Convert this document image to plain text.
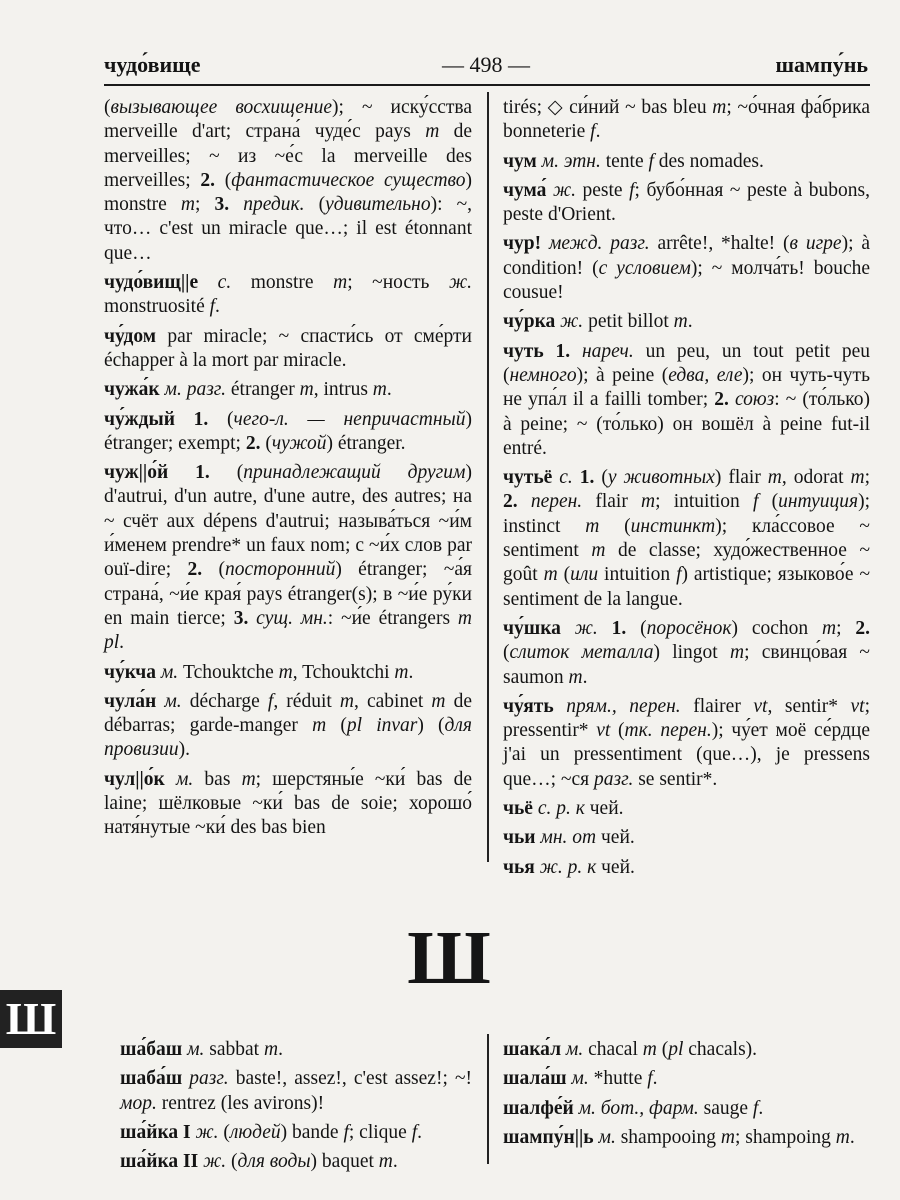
чудо́вище	— 498 —	шампу́нь

(вызывающее восхищение); ~ иску́сства merveille d'art; страна́ чуде́с pays m de merveilles; ~ из ~е́с la merveille des merveilles; 2. (фантастическое существо) monstre m; 3. предик. (удивительно): ~, что… c'est un miracle que…; il est étonnant que…

чудо́вищ||е с. monstre m; ~ность ж. monstruosité f.

чу́дом par miracle; ~ спасти́сь от сме́рти échapper à la mort par miracle.

чужа́к м. разг. étranger m, intrus m.

чу́ждый 1. (чего-л. — непричастный) étranger; exempt; 2. (чужой) étranger.

чуж||о́й 1. (принадлежащий другим) d'autrui, d'un autre, d'une autre, des autres; на ~ счёт aux dépens d'autrui; называ́ться ~и́м и́менем prendre* un faux nom; с ~и́х слов par ouï-dire; 2. (посторонний) étranger; ~а́я страна́, ~и́е края́ pays étranger(s); в ~и́е ру́ки en main tierce; 3. сущ. мн.: ~и́е étrangers m pl.

чу́кча м. Tchouktche m, Tchouktchi m.

чула́н м. décharge f, réduit m, cabinet m de débarras; garde-manger m (pl invar) (для провизии).

чул||о́к м. bas m; шерстяны́е ~ки́ bas de laine; шёлковые ~ки́ bas de soie; хорошо́ натя́нутые ~ки́ des bas bien

tirés; ◇ си́ний ~ bas bleu m; ~о́чная фа́брика bonneterie f.

чум м. этн. tente f des nomades.

чума́ ж. peste f; бубо́нная ~ peste à bubons, peste d'Orient.

чур! межд. разг. arrête!, *halte! (в игре); à condition! (с условием); ~ молча́ть! bouche cousue!

чу́рка ж. petit billot m.

чуть 1. нареч. un peu, un tout petit peu (немного); à peine (едва, еле); он чуть-чуть не упа́л il a failli tomber; 2. союз: ~ (то́лько) à peine; ~ (то́лько) он вошёл à peine fut-il entré.

чутьё с. 1. (у животных) flair m, odorat m; 2. перен. flair m; intuition f (интуиция); instinct m (инстинкт); кла́ссовое ~ sentiment m de classe; худо́жественное ~ goût m (или intuition f) artistique; языково́е ~ sentiment de la langue.

чу́шка ж. 1. (поросёнок) cochon m; 2. (слиток металла) lingot m; свинцо́вая ~ saumon m.

чу́ять прям., перен. flairer vt, sentir* vt; pressentir* vt (тк. перен.); чу́ет моё се́рдце j'ai un pressentiment (que…), je pressens que…; ~ся разг. se sentir*.

чьё с. р. к чей.

чьи мн. от чей.

чья ж. р. к чей.

Ш
Ш

ша́баш м. sabbat m.

шаба́ш разг. baste!, assez!, c'est assez!; ~! мор. rentrez (les avirons)!

ша́йка I ж. (людей) bande f; clique f.

ша́йка II ж. (для воды) baquet m.

шака́л м. chacal m (pl chacals).

шала́ш м. *hutte f.

шалфе́й м. бот., фарм. sauge f.

шампу́н||ь м. shampooing m; shampoing m.
